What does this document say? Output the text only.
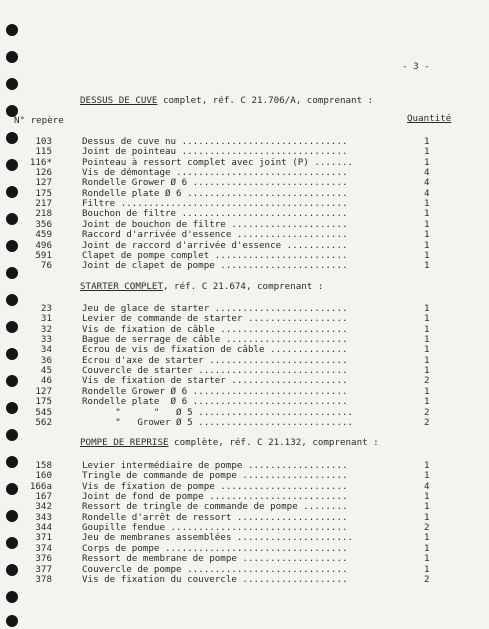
- 3 -
DESSUS DE CUVE complet, réf. C 21.706/A, comprenant :
N° repère	Quantité
103	Dessus de cuve nu ..............................	1
115	Joint de pointeau ..............................	1
116*	Pointeau à ressort complet avec joint (P) .......	1
126	Vis de démontage ...............................	4
127	Rondelle Grower Ø 6 ............................	4
175	Rondelle plate Ø 6 .............................	4
217	Filtre .........................................	1
218	Bouchon de filtre ..............................	1
356	Joint de bouchon de filtre .....................	1
459	Raccord d'arrivée d'essence ....................	1
496	Joint de raccord d'arrivée d'essence ...........	1
591	Clapet de pompe complet ........................	1
76	Joint de clapet de pompe .......................	1
STARTER COMPLET, réf. C 21.674, comprenant :
23	Jeu de glace de starter ........................	1
31	Levier de commande de starter ..................	1
32	Vis de fixation de câble .......................	1
33	Bague de serrage de câble ......................	1
34	Ecrou de vis de fixation de câble ..............	1
36	Ecrou d'axe de starter .........................	1
45	Couvercle de starter ...........................	1
46	Vis de fixation de starter .....................	2
127	Rondelle Grower Ø 6 ............................	1
175	Rondelle plate  Ø 6 ............................	1
545	"      "   Ø 5 ............................	2
562	"   Grower Ø 5 ............................	2
POMPE DE REPRISE complète, réf. C 21.132, comprenant :
158	Levier intermédiaire de pompe ..................	1
160	Tringle de commande de pompe ...................	1
166a	Vis de fixation de pompe .......................	4
167	Joint de fond de pompe .........................	1
342	Ressort de tringle de commande de pompe ........	1
343	Rondelle d'arrêt de ressort ....................	1
344	Goupille fendue ................................	2
371	Jeu de membranes assemblées .....................	1
374	Corps de pompe .................................	1
376	Ressort de membrane de pompe ...................	1
377	Couvercle de pompe .............................	1
378	Vis de fixation du couvercle ...................	2
